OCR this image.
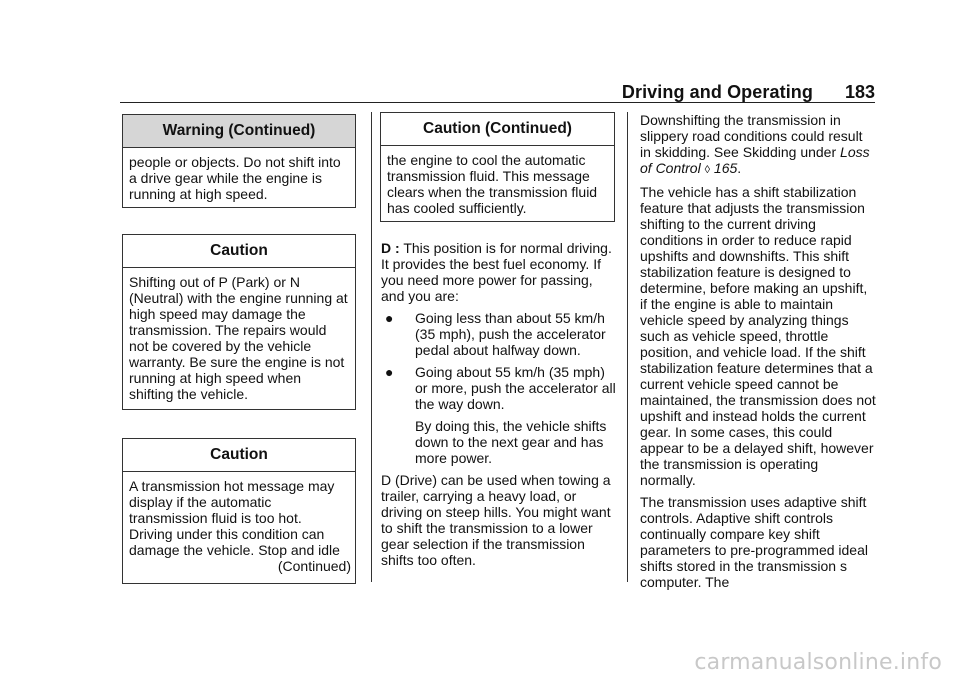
Driving and Operating 183
Warning (Continued)
people or objects. Do not shift into a drive gear while the engine is running at high speed.
Caution
Shifting out of P (Park) or N (Neutral) with the engine running at high speed may damage the transmission. The repairs would not be covered by the vehicle warranty. Be sure the engine is not running at high speed when shifting the vehicle.
Caution
A transmission hot message may display if the automatic transmission fluid is too hot. Driving under this condition can damage the vehicle. Stop and idle
(Continued)
Caution (Continued)
the engine to cool the automatic transmission fluid. This message clears when the transmission fluid has cooled sufficiently.

D : This position is for normal driving. It provides the best fuel economy. If you need more power for passing, and you are:

● Going less than about 55 km/h (35 mph), push the accelerator pedal about halfway down.
● Going about 55 km/h (35 mph) or more, push the accelerator all the way down.

By doing this, the vehicle shifts down to the next gear and has more power.

D (Drive) can be used when towing a trailer, carrying a heavy load, or driving on steep hills. You might want to shift the transmission to a lower gear selection if the transmission shifts too often.

Downshifting the transmission in slippery road conditions could result in skidding. See Skidding under Loss of Control ◊ 165.

The vehicle has a shift stabilization feature that adjusts the transmission shifting to the current driving conditions in order to reduce rapid upshifts and downshifts. This shift stabilization feature is designed to determine, before making an upshift, if the engine is able to maintain vehicle speed by analyzing things such as vehicle speed, throttle position, and vehicle load. If the shift stabilization feature determines that a current vehicle speed cannot be maintained, the transmission does not upshift and instead holds the current gear. In some cases, this could appear to be a delayed shift, however the transmission is operating normally.

The transmission uses adaptive shift controls. Adaptive shift controls continually compare key shift parameters to pre-programmed ideal shifts stored in the transmission s computer. The

carmanualsonline.info
